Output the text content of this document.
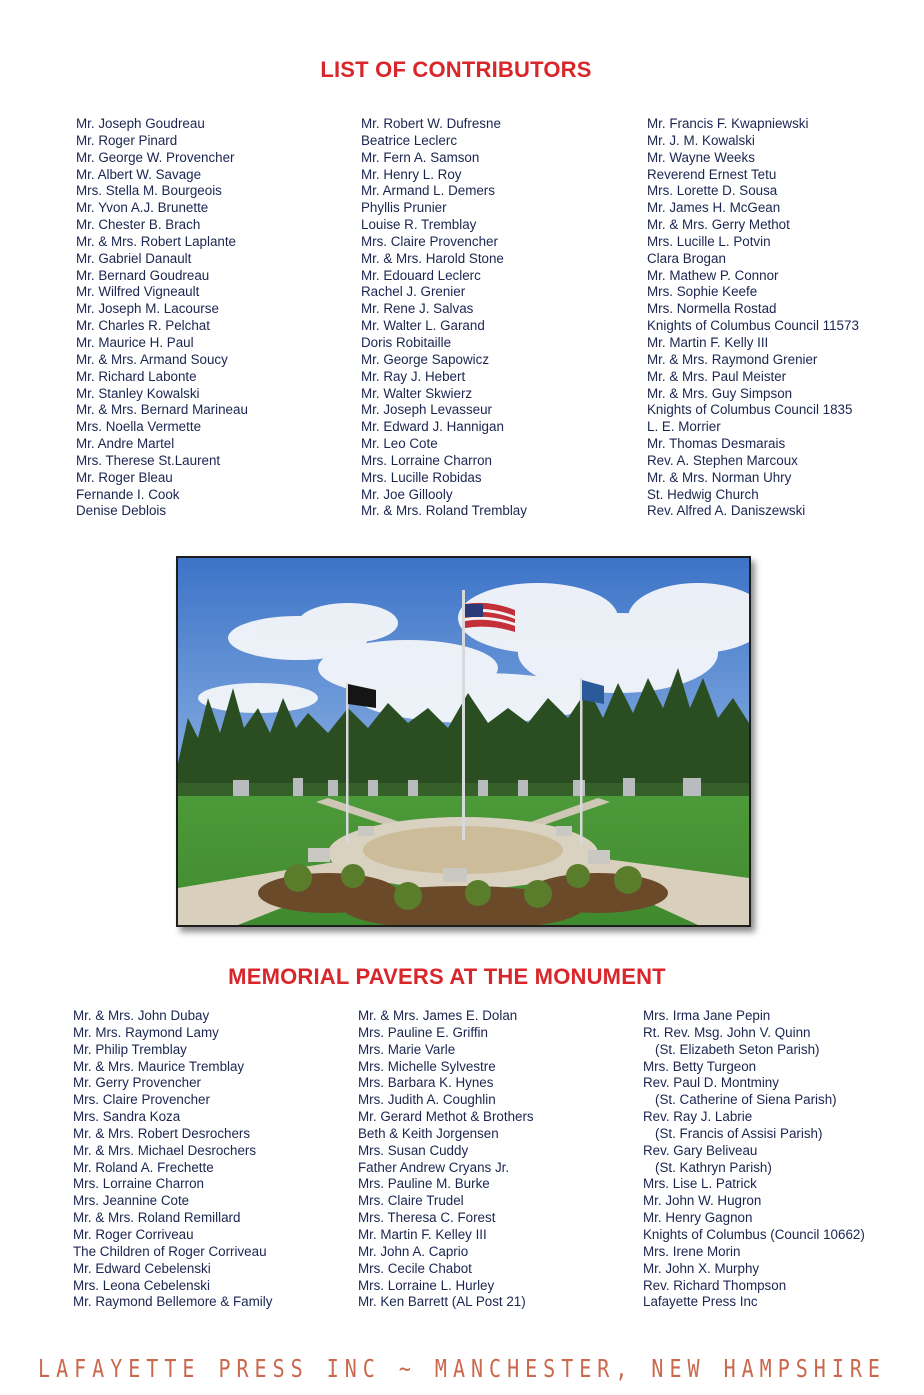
LIST OF CONTRIBUTORS
Mr. Joseph Goudreau
Mr. Roger Pinard
Mr. George W. Provencher
Mr. Albert W. Savage
Mrs. Stella M. Bourgeois
Mr. Yvon A.J. Brunette
Mr. Chester B. Brach
Mr. & Mrs. Robert Laplante
Mr. Gabriel Danault
Mr. Bernard Goudreau
Mr. Wilfred Vigneault
Mr. Joseph M. Lacourse
Mr. Charles R. Pelchat
Mr. Maurice H. Paul
Mr. & Mrs. Armand Soucy
Mr. Richard Labonte
Mr. Stanley Kowalski
Mr. & Mrs. Bernard Marineau
Mrs. Noella Vermette
Mr. Andre Martel
Mrs. Therese St.Laurent
Mr. Roger Bleau
Fernande I. Cook
Denise Deblois
Mr. Robert W. Dufresne
Beatrice Leclerc
Mr. Fern A. Samson
Mr. Henry L. Roy
Mr. Armand L. Demers
Phyllis Prunier
Louise R. Tremblay
Mrs. Claire Provencher
Mr. & Mrs. Harold Stone
Mr. Edouard Leclerc
Rachel J. Grenier
Mr. Rene J. Salvas
Mr. Walter L. Garand
Doris Robitaille
Mr. George Sapowicz
Mr. Ray J. Hebert
Mr. Walter Skwierz
Mr. Joseph Levasseur
Mr. Edward J. Hannigan
Mr. Leo Cote
Mrs. Lorraine Charron
Mrs. Lucille Robidas
Mr. Joe Gillooly
Mr. & Mrs. Roland Tremblay
Mr. Francis F. Kwapniewski
Mr. J. M. Kowalski
Mr. Wayne Weeks
Reverend Ernest Tetu
Mrs. Lorette D. Sousa
Mr. James H. McGean
Mr. & Mrs. Gerry Methot
Mrs. Lucille L. Potvin
Clara Brogan
Mr. Mathew P. Connor
Mrs. Sophie Keefe
Mrs. Normella Rostad
Knights of Columbus Council 11573
Mr. Martin F. Kelly III
Mr. & Mrs. Raymond Grenier
Mr. & Mrs. Paul Meister
Mr. & Mrs. Guy Simpson
Knights of Columbus Council 1835
L. E. Morrier
Mr. Thomas Desmarais
Rev. A. Stephen Marcoux
Mr. & Mrs. Norman Uhry
St. Hedwig Church
Rev. Alfred A. Daniszewski
MEMORIAL PAVERS AT THE MONUMENT
Mr. & Mrs. John Dubay
Mr. Mrs. Raymond Lamy
Mr. Philip Tremblay
Mr. & Mrs. Maurice Tremblay
Mr. Gerry Provencher
Mrs. Claire Provencher
Mrs. Sandra Koza
Mr. & Mrs. Robert Desrochers
Mr. & Mrs. Michael Desrochers
Mr. Roland A. Frechette
Mrs. Lorraine Charron
Mrs. Jeannine Cote
Mr. & Mrs. Roland Remillard
Mr. Roger Corriveau
The Children of Roger Corriveau
Mr. Edward Cebelenski
Mrs. Leona Cebelenski
Mr. Raymond Bellemore & Family
Mr. & Mrs. James E. Dolan
Mrs. Pauline E. Griffin
Mrs. Marie Varle
Mrs. Michelle Sylvestre
Mrs. Barbara K. Hynes
Mrs. Judith A. Coughlin
Mr. Gerard Methot & Brothers
Beth & Keith Jorgensen
Mrs. Susan Cuddy
Father Andrew Cryans Jr.
Mrs. Pauline M. Burke
Mrs. Claire Trudel
Mrs. Theresa C. Forest
Mr. Martin F. Kelley III
Mr. John A. Caprio
Mrs. Cecile Chabot
Mrs. Lorraine L. Hurley
Mr. Ken Barrett (AL Post 21)
Mrs. Irma Jane Pepin
Rt. Rev. Msg. John V. Quinn
(St. Elizabeth Seton Parish)
Mrs. Betty Turgeon
Rev. Paul D. Montminy
(St. Catherine of Siena Parish)
Rev. Ray J. Labrie
(St. Francis of Assisi Parish)
Rev. Gary Beliveau
(St. Kathryn Parish)
Mrs. Lise L. Patrick
Mr. John W. Hugron
Mr. Henry Gagnon
Knights of Columbus (Council 10662)
Mrs. Irene Morin
Mr. John X. Murphy
Rev. Richard Thompson
Lafayette Press Inc
LAFAYETTE PRESS INC ~ MANCHESTER, NEW HAMPSHIRE
